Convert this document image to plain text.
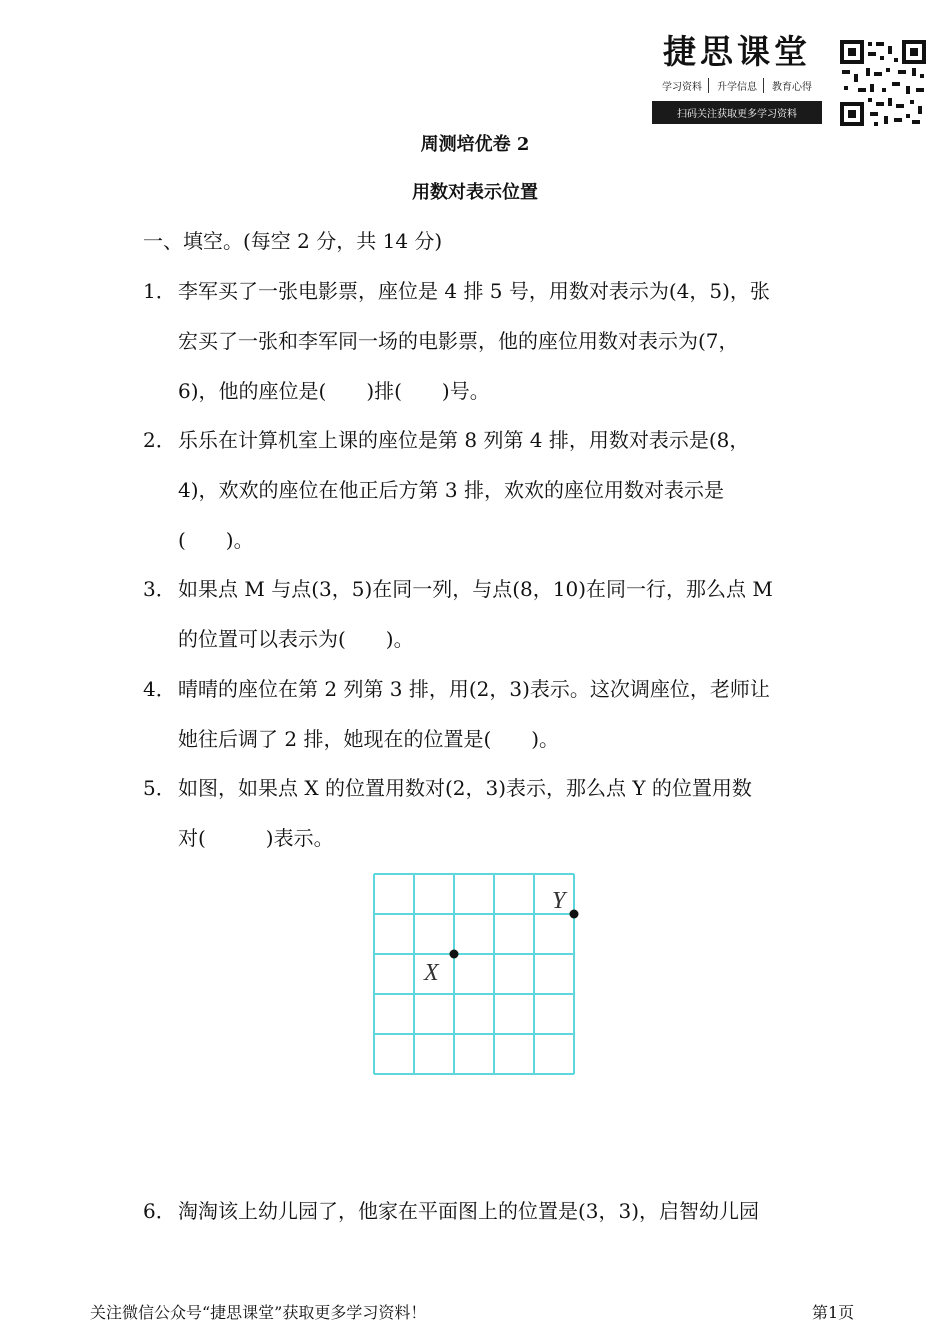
捷思课堂
学习资料	升学信息	教育心得
扫码关注获取更多学习资料
周测培优卷 2
用数对表示位置
一、填空。(每空 2 分，共 14 分)
1． 李军买了一张电影票，座位是 4 排 5 号，用数对表示为(4，5)，张
宏买了一张和李军同一场的电影票，他的座位用数对表示为(7，
6)，他的座位是(　　)排(　　)号。
2． 乐乐在计算机室上课的座位是第 8 列第 4 排，用数对表示是(8，
4)，欢欢的座位在他正后方第 3 排，欢欢的座位用数对表示是
(　　)。
3． 如果点 M 与点(3，5)在同一列，与点(8，10)在同一行，那么点 M
的位置可以表示为(　　)。
4． 晴晴的座位在第 2 列第 3 排，用(2，3)表示。这次调座位，老师让
她往后调了 2 排，她现在的位置是(　　)。
5． 如图，如果点 X 的位置用数对(2，3)表示，那么点 Y 的位置用数
对(　　　)表示。
X
Y
6． 淘淘该上幼儿园了，他家在平面图上的位置是(3，3)，启智幼儿园
关注微信公众号“捷思课堂”获取更多学习资料！	第1页
